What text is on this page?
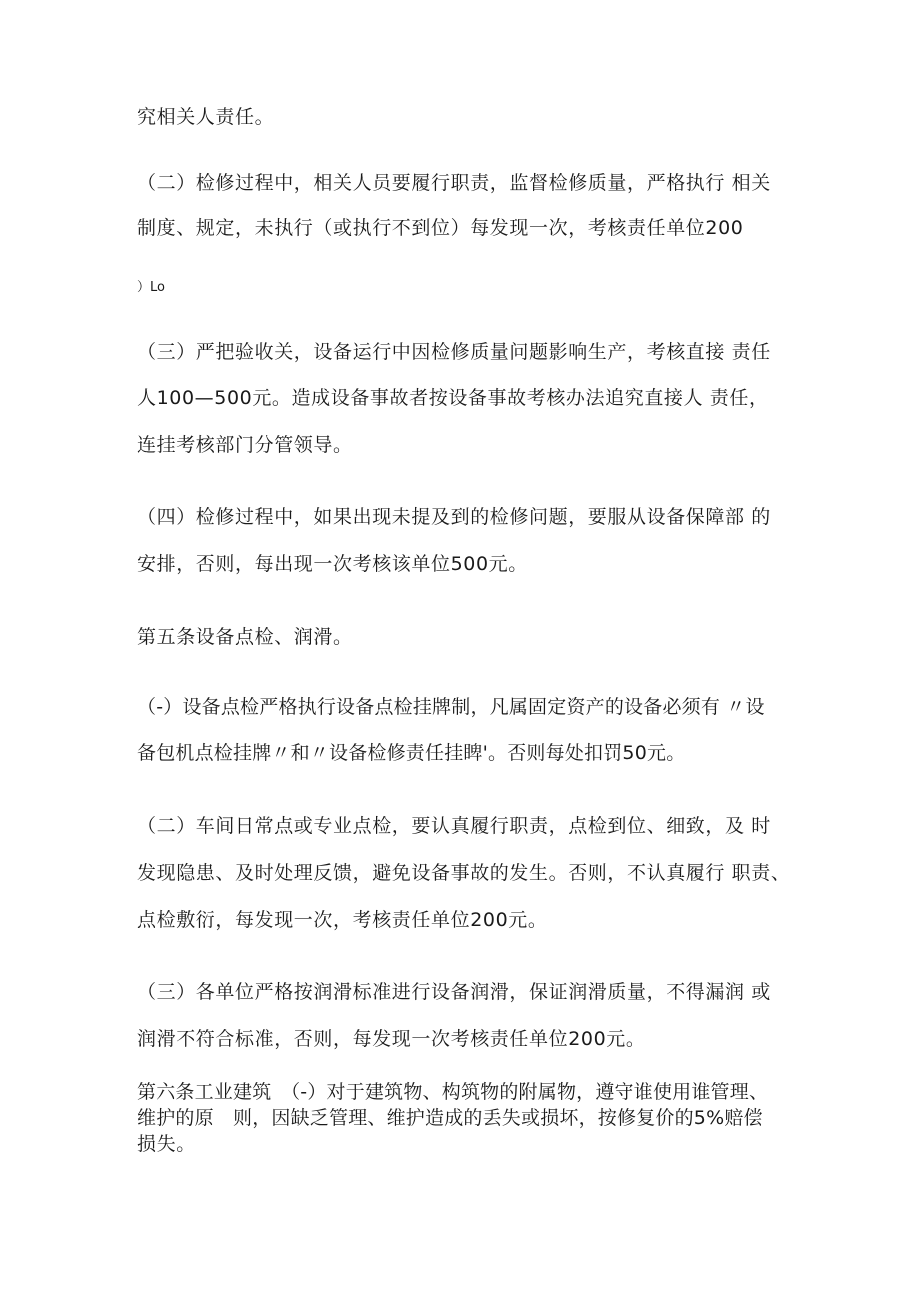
究相关人责任。
（二）检修过程中，相关人员要履行职责，监督检修质量，严格执行 相关
制度、规定，未执行（或执行不到位）每发现一次，考核责任单位200
）Lo
（三）严把验收关，设备运行中因检修质量问题影响生产，考核直接 责任
人100—500元。造成设备事故者按设备事故考核办法追究直接人 责任，
连挂考核部门分管领导。
（四）检修过程中，如果出现未提及到的检修问题，要服从设备保障部 的
安排，否则，每出现一次考核该单位500元。
第五条设备点检、润滑。
（-）设备点检严格执行设备点检挂牌制，凡属固定资产的设备必须有 〃设
备包机点检挂牌〃和〃设备检修责任挂睥'。否则每处扣罚50元。
（二）车间日常点或专业点检，要认真履行职责，点检到位、细致，及 时
发现隐患、及时处理反馈，避免设备事故的发生。否则，不认真履行 职责、
点检敷衍，每发现一次，考核责任单位200元。
（三）各单位严格按润滑标准进行设备润滑，保证润滑质量，不得漏润 或
润滑不符合标准，否则，每发现一次考核责任单位200元。
第六条工业建筑　（-）对于建筑物、构筑物的附属物，遵守谁使用谁管理、
维护的原　则，因缺乏管理、维护造成的丢失或损坏，按修复价的5%赔偿
损失。
